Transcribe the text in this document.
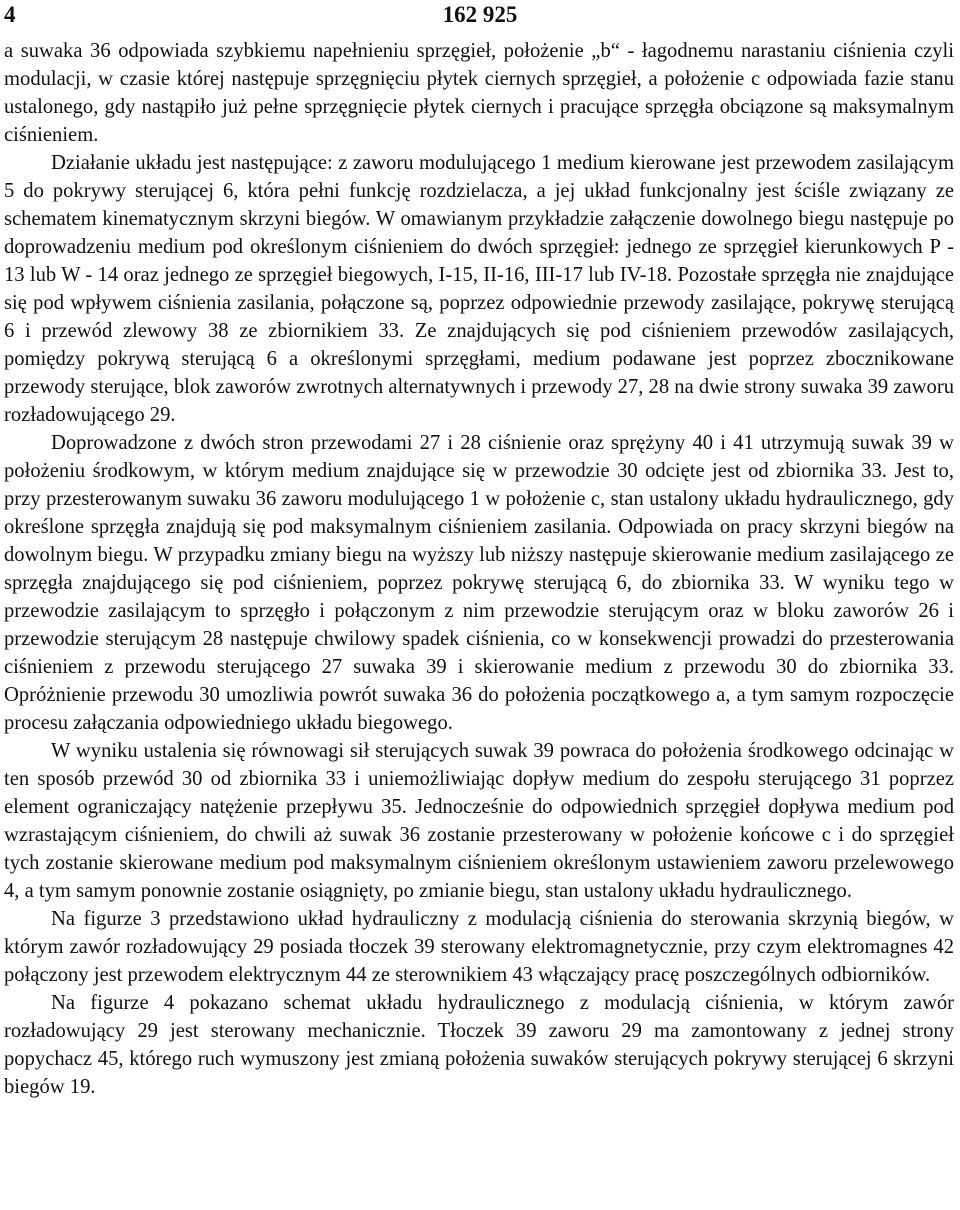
4	162 925

a suwaka 36 odpowiada szybkiemu napełnieniu sprzęgieł, położenie „b“ - łagodnemu narastaniu ciśnienia czyli modulacji, w czasie której następuje sprzęgnięciu płytek ciernych sprzęgieł, a położenie c odpowiada fazie stanu ustalonego, gdy nastąpiło już pełne sprzęgnięcie płytek ciernych i pracujące sprzęgła obciązone są maksymalnym ciśnieniem.

Działanie układu jest następujące: z zaworu modulującego 1 medium kierowane jest przewodem zasilającym 5 do pokrywy sterującej 6, która pełni funkcję rozdzielacza, a jej układ funkcjonalny jest ściśle związany ze schematem kinematycznym skrzyni biegów. W omawianym przykładzie załączenie dowolnego biegu następuje po doprowadzeniu medium pod określonym ciśnieniem do dwóch sprzęgieł: jednego ze sprzęgieł kierunkowych P - 13 lub W - 14 oraz jednego ze sprzęgieł biegowych, I-15, II-16, III-17 lub IV-18. Pozostałe sprzęgła nie znajdujące się pod wpływem ciśnienia zasilania, połączone są, poprzez odpowiednie przewody zasilające, pokrywę sterującą 6 i przewód zlewowy 38 ze zbiornikiem 33. Ze znajdujących się pod ciśnieniem przewodów zasilających, pomiędzy pokrywą sterującą 6 a określonymi sprzęgłami, medium podawane jest poprzez zbocznikowane przewody sterujące, blok zaworów zwrotnych alternatywnych i przewody 27, 28 na dwie strony suwaka 39 zaworu rozładowującego 29.

Doprowadzone z dwóch stron przewodami 27 i 28 ciśnienie oraz sprężyny 40 i 41 utrzymują suwak 39 w położeniu środkowym, w którym medium znajdujące się w przewodzie 30 odcięte jest od zbiornika 33. Jest to, przy przesterowanym suwaku 36 zaworu modulującego 1 w położenie c, stan ustalony układu hydraulicznego, gdy określone sprzęgła znajdują się pod maksymalnym ciśnieniem zasilania. Odpowiada on pracy skrzyni biegów na dowolnym biegu. W przypadku zmiany biegu na wyższy lub niższy następuje skierowanie medium zasilającego ze sprzęgła znajdującego się pod ciśnieniem, poprzez pokrywę sterującą 6, do zbiornika 33. W wyniku tego w przewodzie zasilającym to sprzęgło i połączonym z nim przewodzie sterującym oraz w bloku zaworów 26 i przewodzie sterującym 28 następuje chwilowy spadek ciśnienia, co w konsekwencji prowadzi do przesterowania ciśnieniem z przewodu sterującego 27 suwaka 39 i skierowanie medium z przewodu 30 do zbiornika 33. Opróżnienie przewodu 30 umozliwia powrót suwaka 36 do położenia początkowego a, a tym samym rozpoczęcie procesu załączania odpowiedniego układu biegowego.

W wyniku ustalenia się równowagi sił sterujących suwak 39 powraca do położenia środkowego odcinając w ten sposób przewód 30 od zbiornika 33 i uniemożliwiając dopływ medium do zespołu sterującego 31 poprzez element ograniczający natężenie przepływu 35. Jednocześnie do odpowiednich sprzęgieł dopływa medium pod wzrastającym ciśnieniem, do chwili aż suwak 36 zostanie przesterowany w położenie końcowe c i do sprzęgieł tych zostanie skierowane medium pod maksymalnym ciśnieniem określonym ustawieniem zaworu przelewowego 4, a tym samym ponownie zostanie osiągnięty, po zmianie biegu, stan ustalony układu hydraulicznego.

Na figurze 3 przedstawiono układ hydrauliczny z modulacją ciśnienia do sterowania skrzynią biegów, w którym zawór rozładowujący 29 posiada tłoczek 39 sterowany elektromagnetycznie, przy czym elektromagnes 42 połączony jest przewodem elektrycznym 44 ze sterownikiem 43 włączający pracę poszczególnych odbiorników.

Na figurze 4 pokazano schemat układu hydraulicznego z modulacją ciśnienia, w którym zawór rozładowujący 29 jest sterowany mechanicznie. Tłoczek 39 zaworu 29 ma zamontowany z jednej strony popychacz 45, którego ruch wymuszony jest zmianą położenia suwaków sterujących pokrywy sterującej 6 skrzyni biegów 19.
